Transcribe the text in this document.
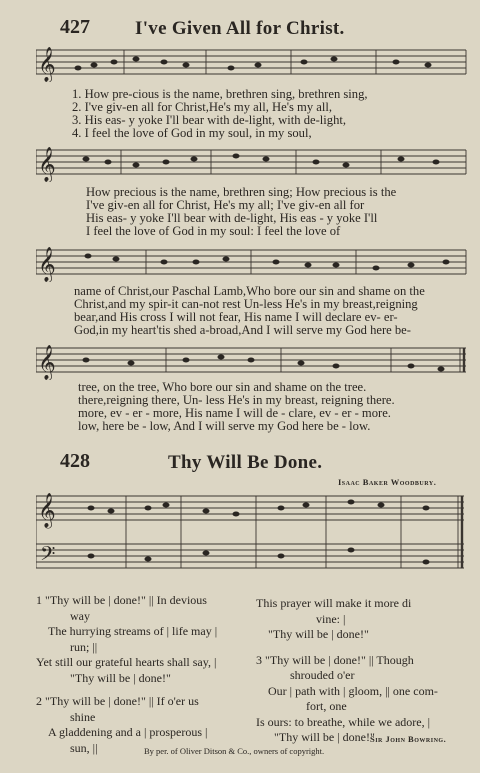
427 I've Given All for Christ.
𝄞
1. How pre-cious is the name, brethren sing, brethren sing,
2. I've giv-en all for Christ,He's my all, He's my all,
3. His eas- y yoke I'll bear with de-light, with de-light,
4. I feel the love of God in my soul, in my soul,
𝄞
How precious is the name, brethren sing; How precious is the
I've giv-en all for Christ, He's my all; I've giv-en all for
His eas- y yoke I'll bear with de-light, His eas - y yoke I'll
I feel the love of God in my soul: I feel the love of
𝄞
name of Christ,our Paschal Lamb,Who bore our sin and shame on the
Christ,and my spir-it can-not rest Un-less He's in my breast,reigning
bear,and His cross I will not fear, His name I will declare ev- er-
God,in my heart'tis shed a-broad,And I will serve my God here be-
𝄞
tree, on the tree, Who bore our sin and shame on the tree.
there,reigning there, Un- less He's in my breast, reigning there.
more, ev - er - more, His name I will de - clare, ev - er - more.
low, here be - low, And I will serve my God here be - low.
428	Thy Will Be Done.
Isaac Baker Woodbury.
𝄞
𝄢
1 "Thy will be | done!" || In devious
way
The hurrying streams of | life may |
run; ||
Yet still our grateful hearts shall say, |
"Thy will be | done!"
2 "Thy will be | done!" || If o'er us
shine
A gladdening and a | prosperous |
sun, ||
This prayer will make it more di
vine: |
"Thy will be | done!"
3 "Thy will be | done!" || Though
shrouded o'er
Our | path with | gloom, || one com-
fort, one
Is ours: to breathe, while we adore, |
"Thy will be | done!"
Sir John Bowring.
By per. of Oliver Ditson & Co., owners of copyright.
